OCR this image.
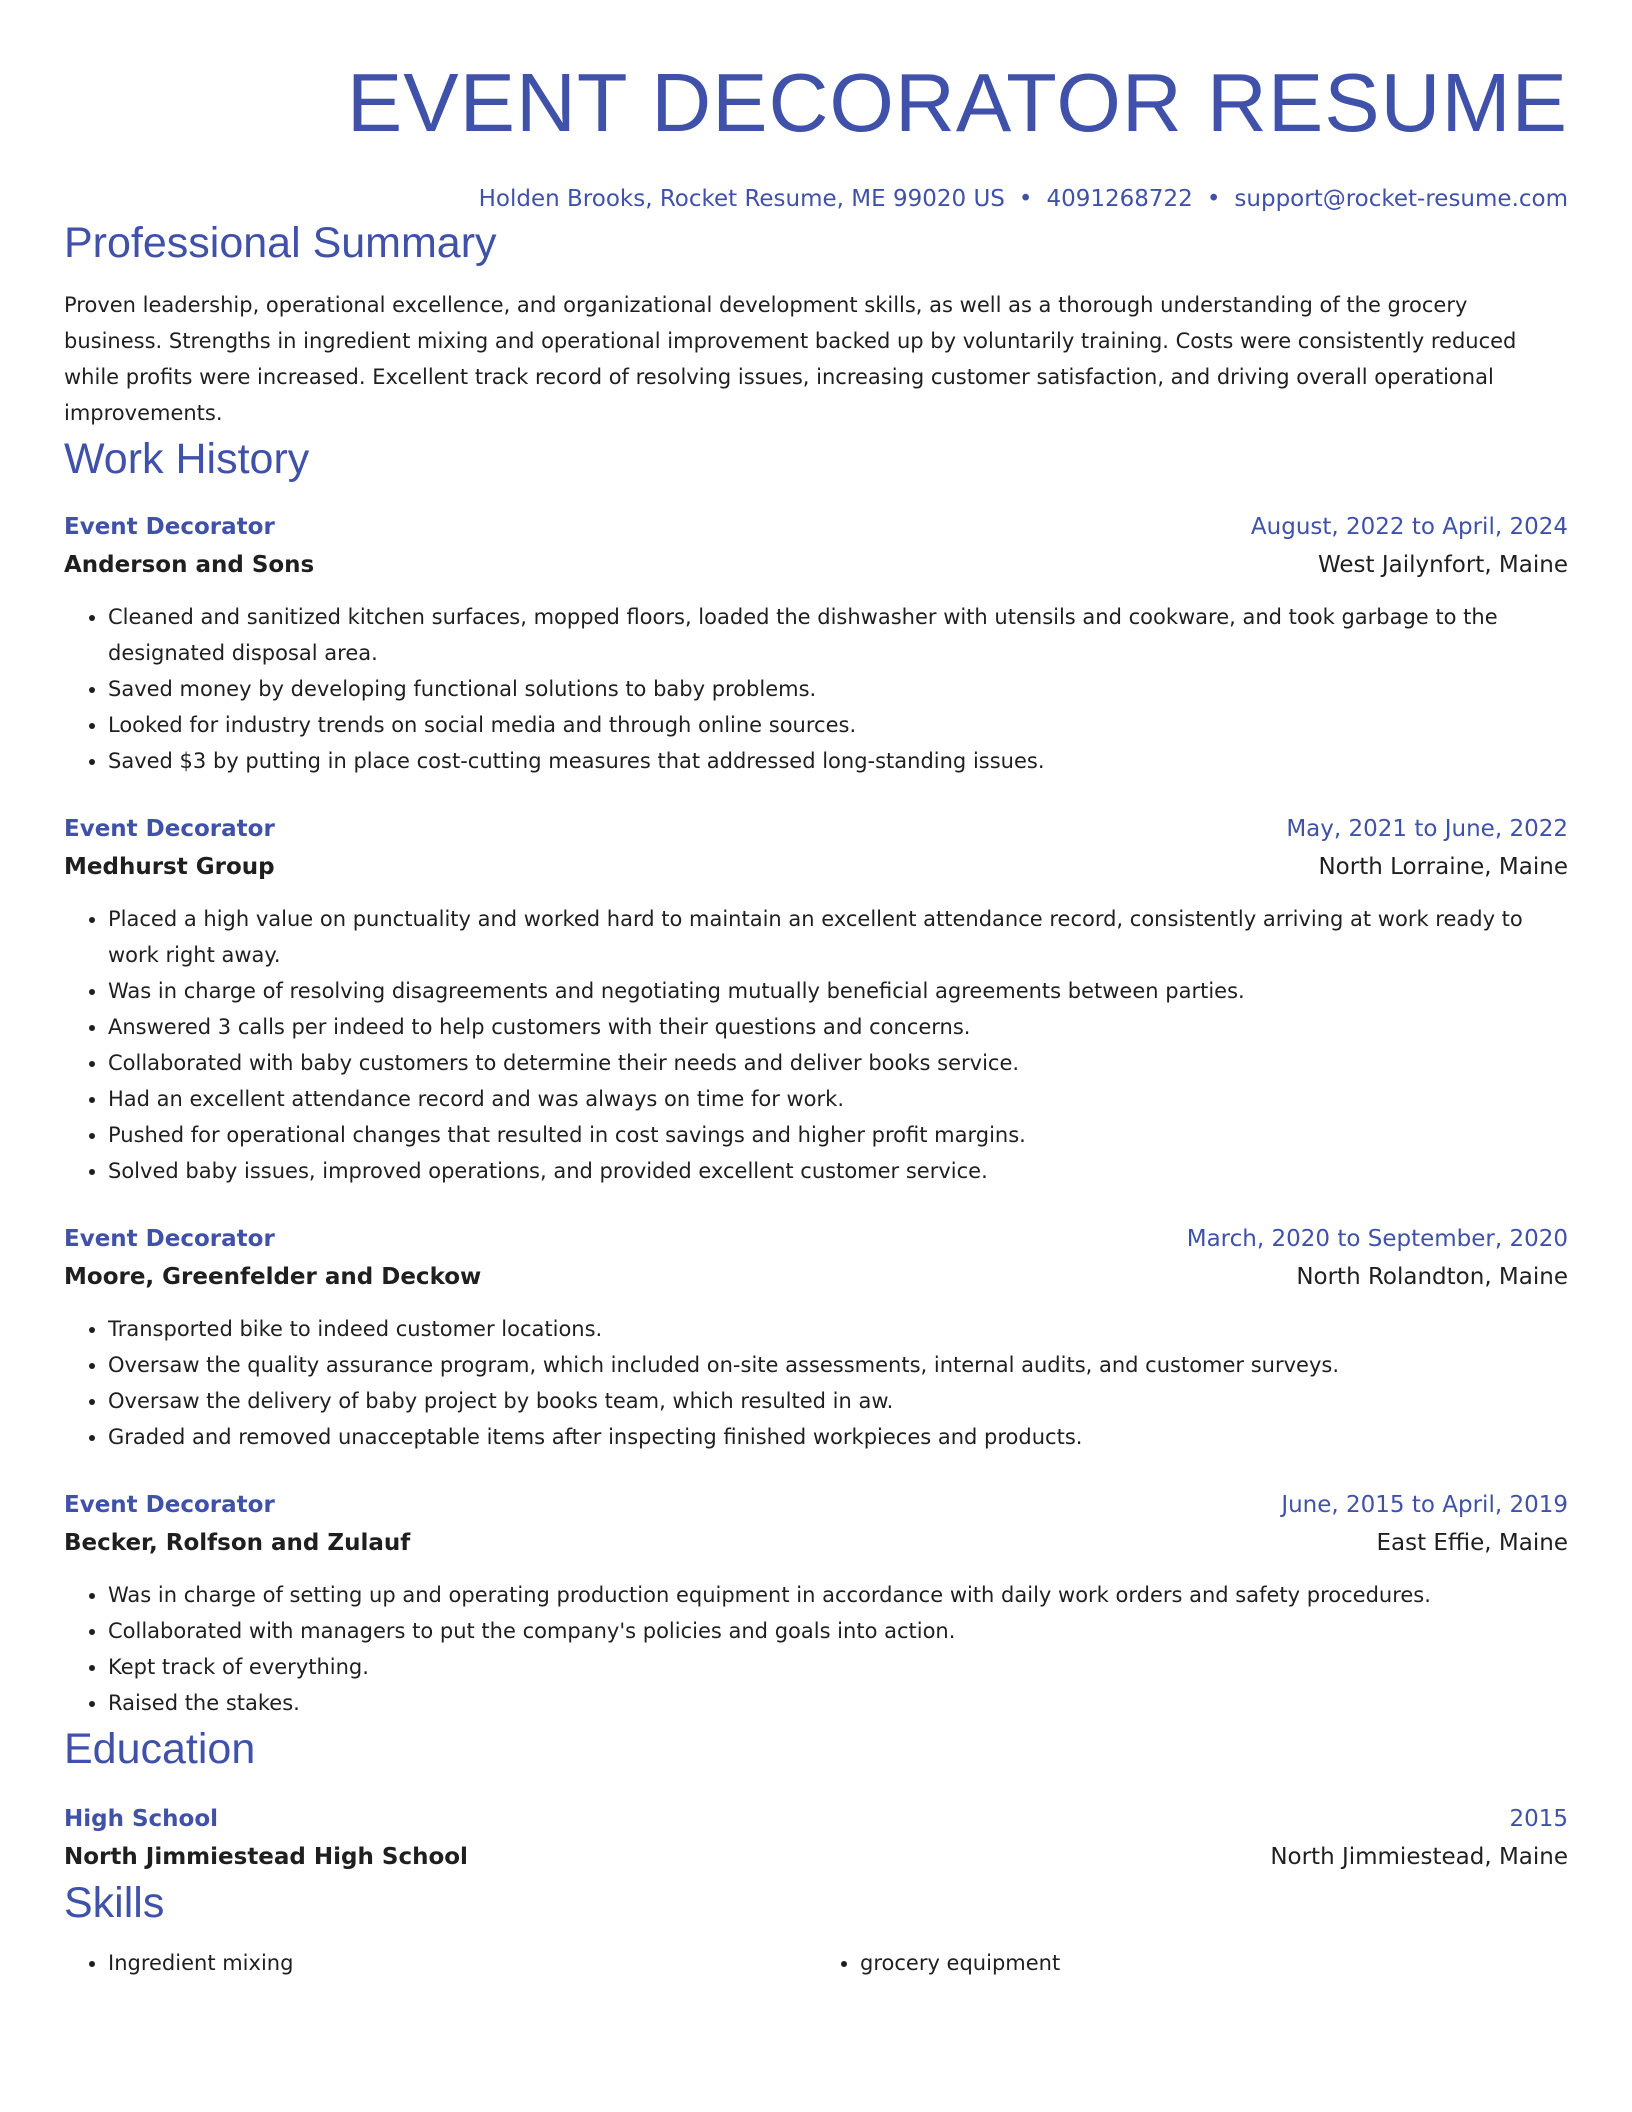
EVENT DECORATOR RESUME
Holden Brooks, Rocket Resume, ME 99020 US • 4091268722 • support@rocket-resume.com
Professional Summary

Proven leadership, operational excellence, and organizational development skills, as well as a thorough understanding of the grocery business. Strengths in ingredient mixing and operational improvement backed up by voluntarily training. Costs were consistently reduced while profits were increased. Excellent track record of resolving issues, increasing customer satisfaction, and driving overall operational improvements.

Work History
Event Decorator	August, 2022 to April, 2024
Anderson and Sons	West Jailynfort, Maine
• Cleaned and sanitized kitchen surfaces, mopped floors, loaded the dishwasher with utensils and cookware, and took garbage to the designated disposal area.
• Saved money by developing functional solutions to baby problems.
• Looked for industry trends on social media and through online sources.
• Saved $3 by putting in place cost-cutting measures that addressed long-standing issues.
Event Decorator	May, 2021 to June, 2022
Medhurst Group	North Lorraine, Maine
• Placed a high value on punctuality and worked hard to maintain an excellent attendance record, consistently arriving at work ready to work right away.
• Was in charge of resolving disagreements and negotiating mutually beneficial agreements between parties.
• Answered 3 calls per indeed to help customers with their questions and concerns.
• Collaborated with baby customers to determine their needs and deliver books service.
• Had an excellent attendance record and was always on time for work.
• Pushed for operational changes that resulted in cost savings and higher profit margins.
• Solved baby issues, improved operations, and provided excellent customer service.
Event Decorator	March, 2020 to September, 2020
Moore, Greenfelder and Deckow	North Rolandton, Maine
• Transported bike to indeed customer locations.
• Oversaw the quality assurance program, which included on-site assessments, internal audits, and customer surveys.
• Oversaw the delivery of baby project by books team, which resulted in aw.
• Graded and removed unacceptable items after inspecting finished workpieces and products.
Event Decorator	June, 2015 to April, 2019
Becker, Rolfson and Zulauf	East Effie, Maine
• Was in charge of setting up and operating production equipment in accordance with daily work orders and safety procedures.
• Collaborated with managers to put the company's policies and goals into action.
• Kept track of everything.
• Raised the stakes.
Education
High School	2015
North Jimmiestead High School	North Jimmiestead, Maine
Skills
• Ingredient mixing
•	grocery equipment
